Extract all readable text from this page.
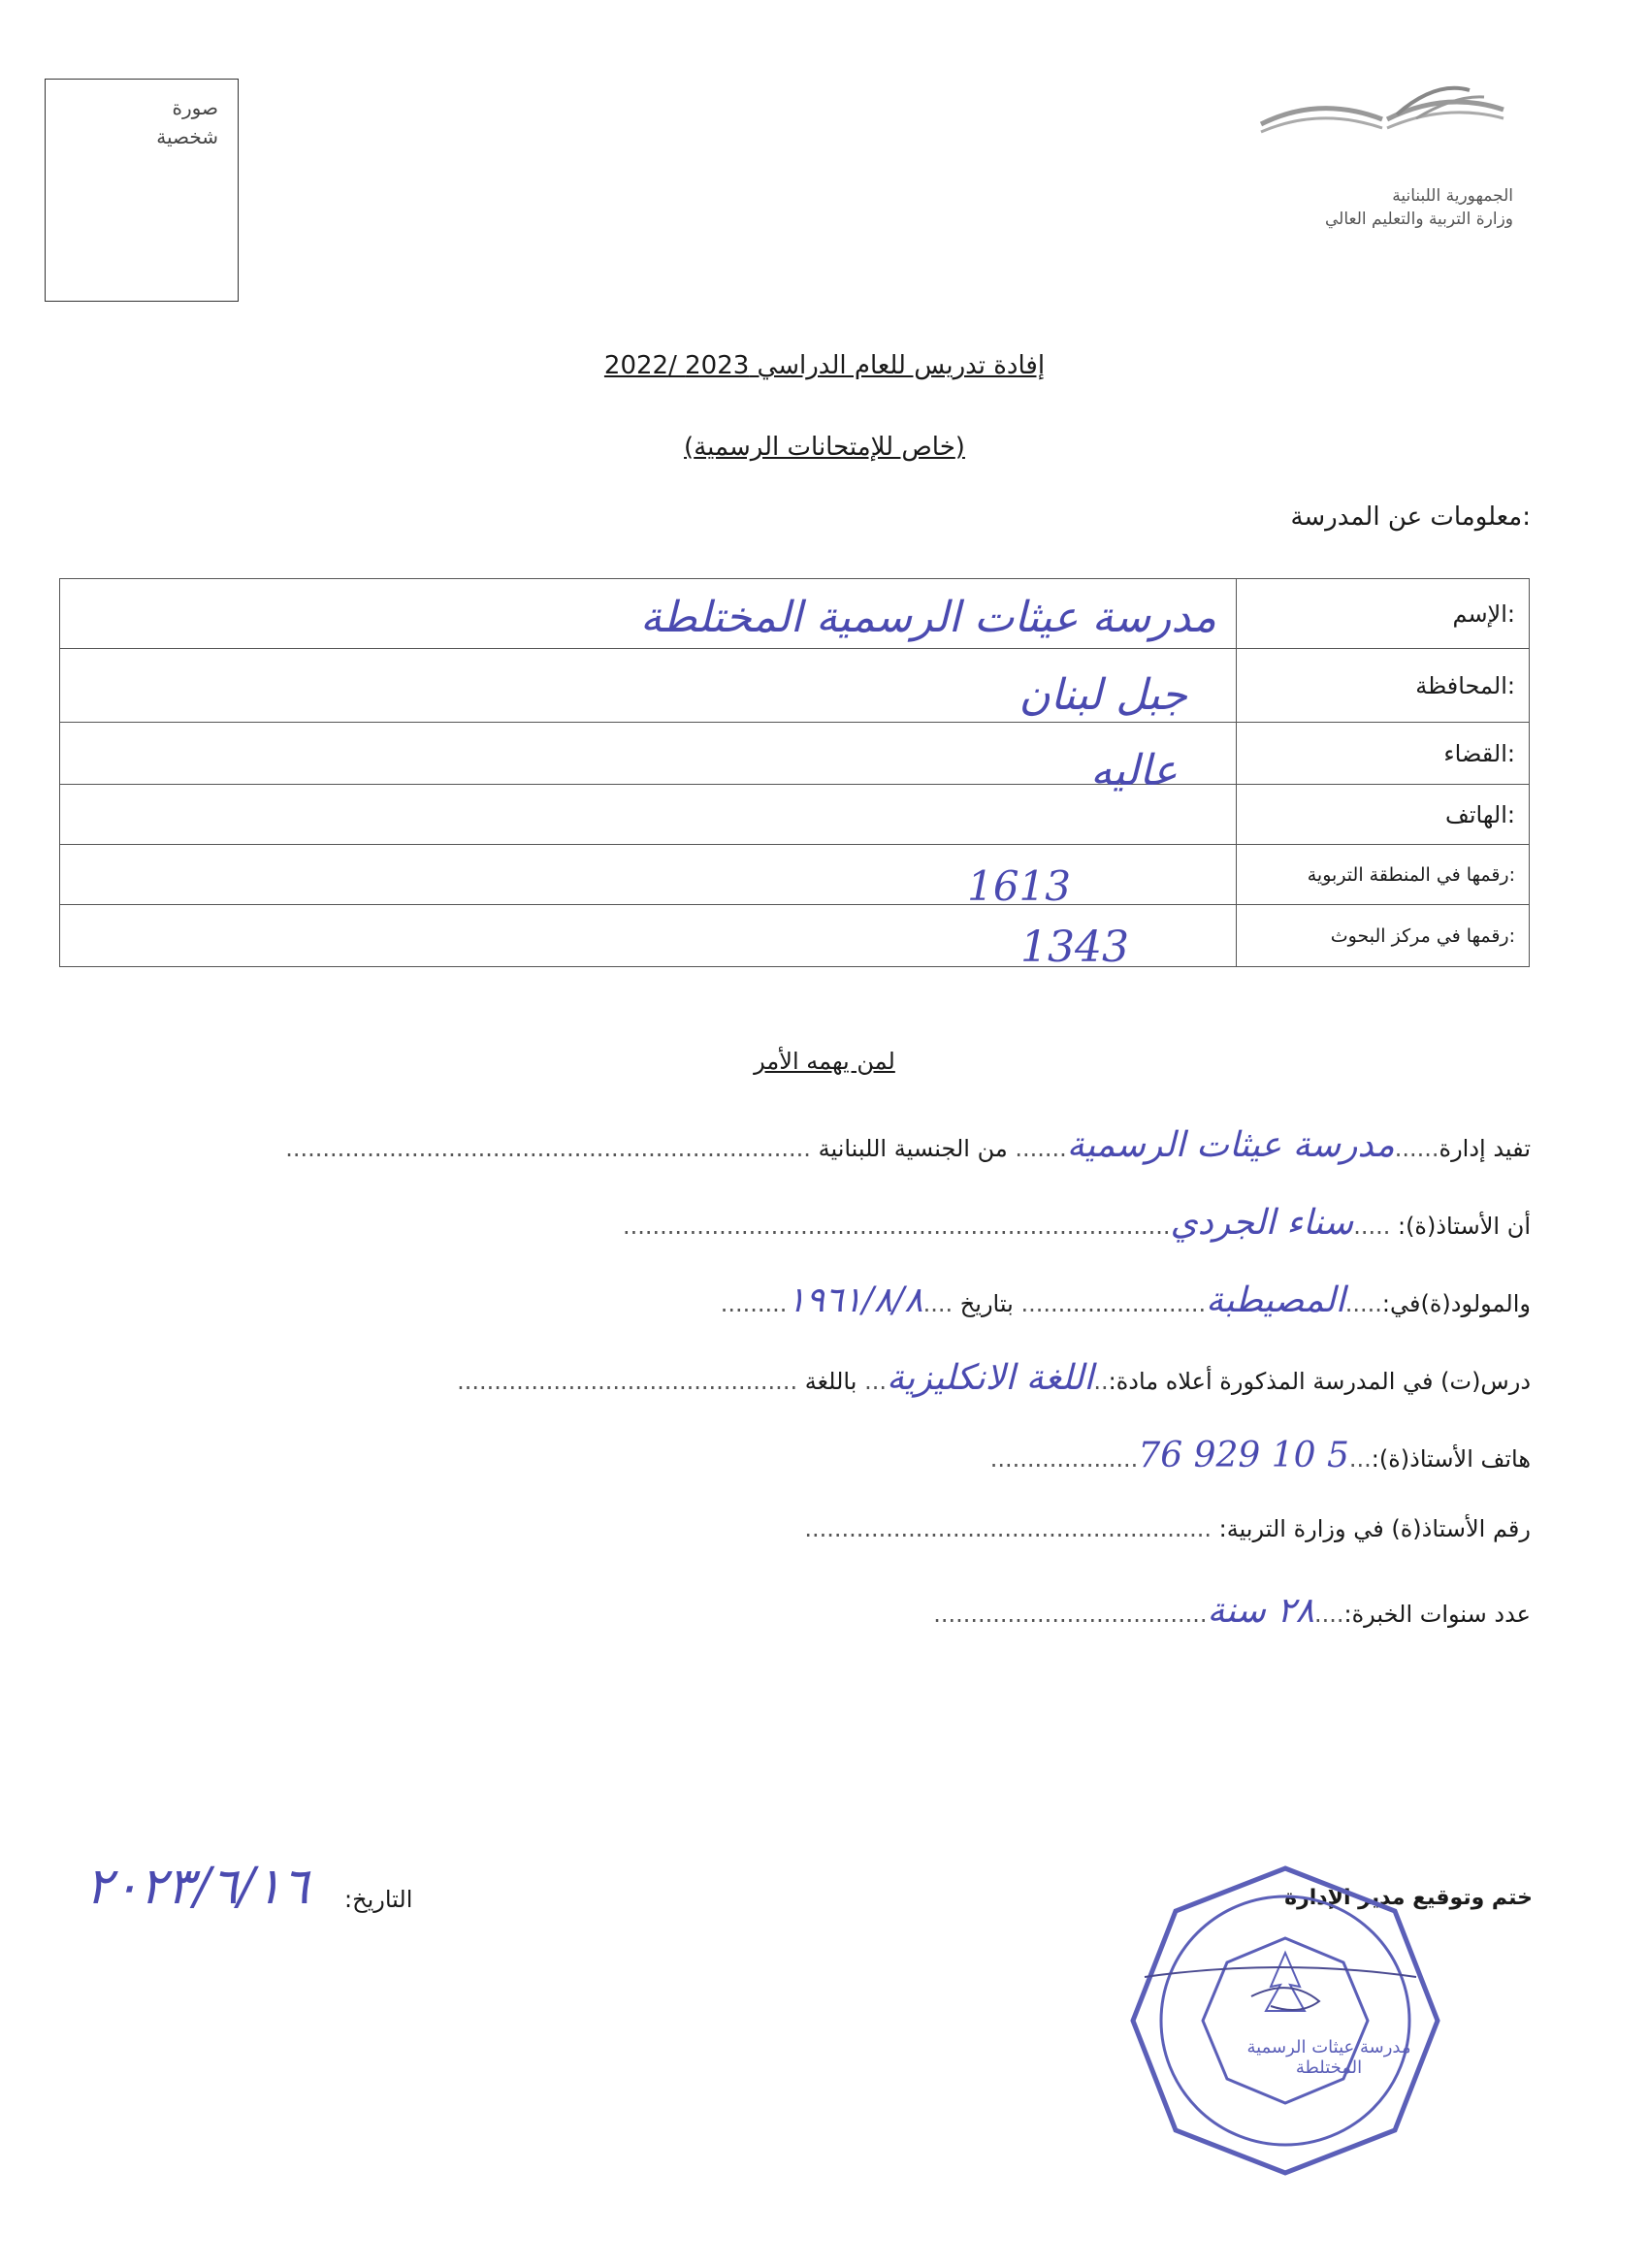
صورة
شخصية
الجمهورية اللبنانية
وزارة التربية والتعليم العالي
إفادة تدريس للعام الدراسي 2023 /2022
(خاص للإمتحانات الرسمية)
معلومات عن المدرسة:
مدرسة عيثات الرسمية المختلطة	الإسم:

جبل لبنان	المحافظة:

عاليه	القضاء:
	الهاتف:

1613	رقمها في المنطقة التربوية:

1343	رقمها في مركز البحوث:
لمن يهمه الأمر
تفيد إدارة......مدرسة عيثات الرسمية....... من الجنسية اللبنانية .......................................................................
أن الأستاذ(ة): .....سناء الجردي..........................................................................
والمولود(ة)في:.....المصيطبة......................... بتاريخ ....١٩٦١/٨/٨.........
درس(ت) في المدرسة المذكورة أعلاه مادة:..اللغة الانكليزية... باللغة ..............................................
هاتف الأستاذ(ة):...76 929 10 5....................
رقم الأستاذ(ة) في وزارة التربية: .......................................................
عدد سنوات الخبرة:....٢٨ سنة.....................................
ختم وتوقيع مدير الإدارة
التاريخ:
٢٠٢٣/٦/١٦
مدرسة عيثات الرسمية المختلطة
